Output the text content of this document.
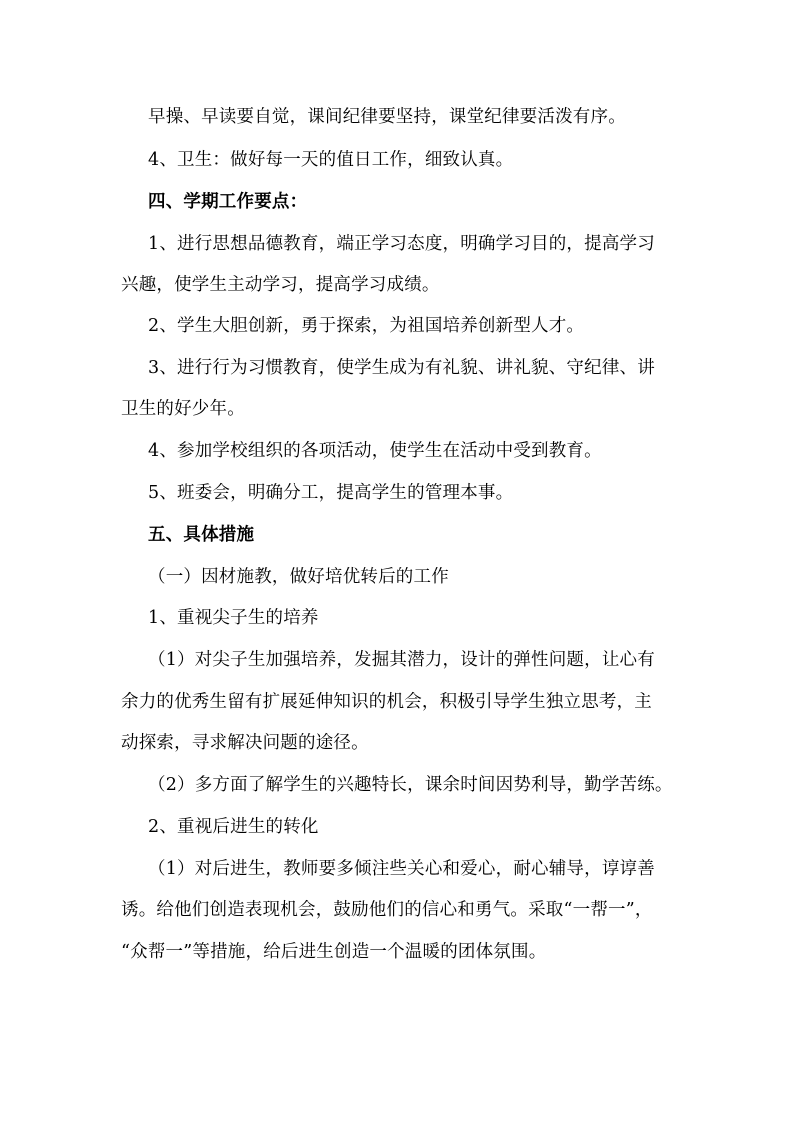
早操、早读要自觉，课间纪律要坚持，课堂纪律要活泼有序。
4、卫生：做好每一天的值日工作，细致认真。
四、学期工作要点：
1、进行思想品德教育，端正学习态度，明确学习目的，提高学习
兴趣，使学生主动学习，提高学习成绩。
2、学生大胆创新，勇于探索，为祖国培养创新型人才。
3、进行行为习惯教育，使学生成为有礼貌、讲礼貌、守纪律、讲
卫生的好少年。
4、参加学校组织的各项活动，使学生在活动中受到教育。
5、班委会，明确分工，提高学生的管理本事。
五、具体措施
（一）因材施教，做好培优转后的工作
1、重视尖子生的培养
（1）对尖子生加强培养，发掘其潜力，设计的弹性问题，让心有
余力的优秀生留有扩展延伸知识的机会，积极引导学生独立思考，主
动探索，寻求解决问题的途径。
（2）多方面了解学生的兴趣特长，课余时间因势利导，勤学苦练。
2、重视后进生的转化
（1）对后进生，教师要多倾注些关心和爱心，耐心辅导，谆谆善
诱。给他们创造表现机会，鼓励他们的信心和勇气。采取“一帮一”，
“众帮一”等措施，给后进生创造一个温暖的团体氛围。
